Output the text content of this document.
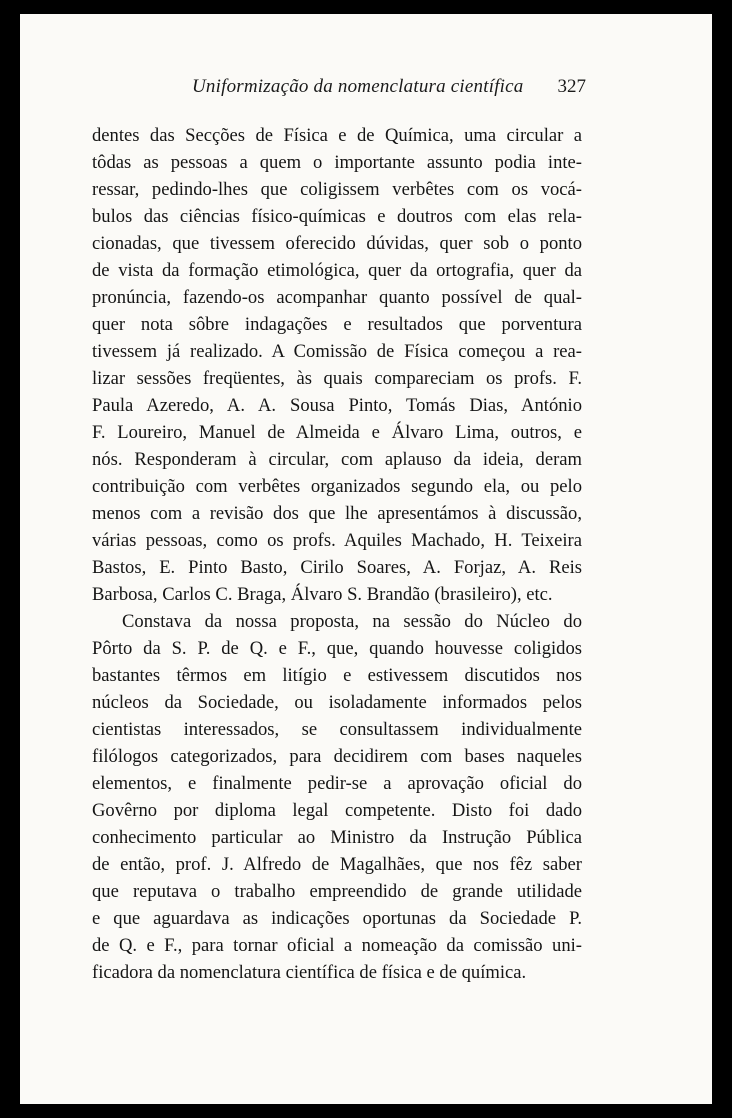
Uniformização da nomenclatura científica 327
dentes das Secções de Física e de Química, uma circular a
tôdas as pessoas a quem o importante assunto podia inte-
ressar, pedindo-lhes que coligissem verbêtes com os vocá-
bulos das ciências físico-químicas e doutros com elas rela-
cionadas, que tivessem oferecido dúvidas, quer sob o ponto
de vista da formação etimológica, quer da ortografia, quer da
pronúncia, fazendo-os acompanhar quanto possível de qual-
quer nota sôbre indagações e resultados que porventura
tivessem já realizado. A Comissão de Física começou a rea-
lizar sessões freqüentes, às quais compareciam os profs. F.
Paula Azeredo, A. A. Sousa Pinto, Tomás Dias, António
F. Loureiro, Manuel de Almeida e Álvaro Lima, outros, e
nós. Responderam à circular, com aplauso da ideia, deram
contribuição com verbêtes organizados segundo ela, ou pelo
menos com a revisão dos que lhe apresentámos à discussão,
várias pessoas, como os profs. Aquiles Machado, H. Teixeira
Bastos, E. Pinto Basto, Cirilo Soares, A. Forjaz, A. Reis
Barbosa, Carlos C. Braga, Álvaro S. Brandão (brasileiro), etc.
Constava da nossa proposta, na sessão do Núcleo do
Pôrto da S. P. de Q. e F., que, quando houvesse coligidos
bastantes têrmos em litígio e estivessem discutidos nos
núcleos da Sociedade, ou isoladamente informados pelos
cientistas interessados, se consultassem individualmente
filólogos categorizados, para decidirem com bases naqueles
elementos, e finalmente pedir-se a aprovação oficial do
Govêrno por diploma legal competente. Disto foi dado
conhecimento particular ao Ministro da Instrução Pública
de então, prof. J. Alfredo de Magalhães, que nos fêz saber
que reputava o trabalho empreendido de grande utilidade
e que aguardava as indicações oportunas da Sociedade P.
de Q. e F., para tornar oficial a nomeação da comissão uni-
ficadora da nomenclatura científica de física e de química.
